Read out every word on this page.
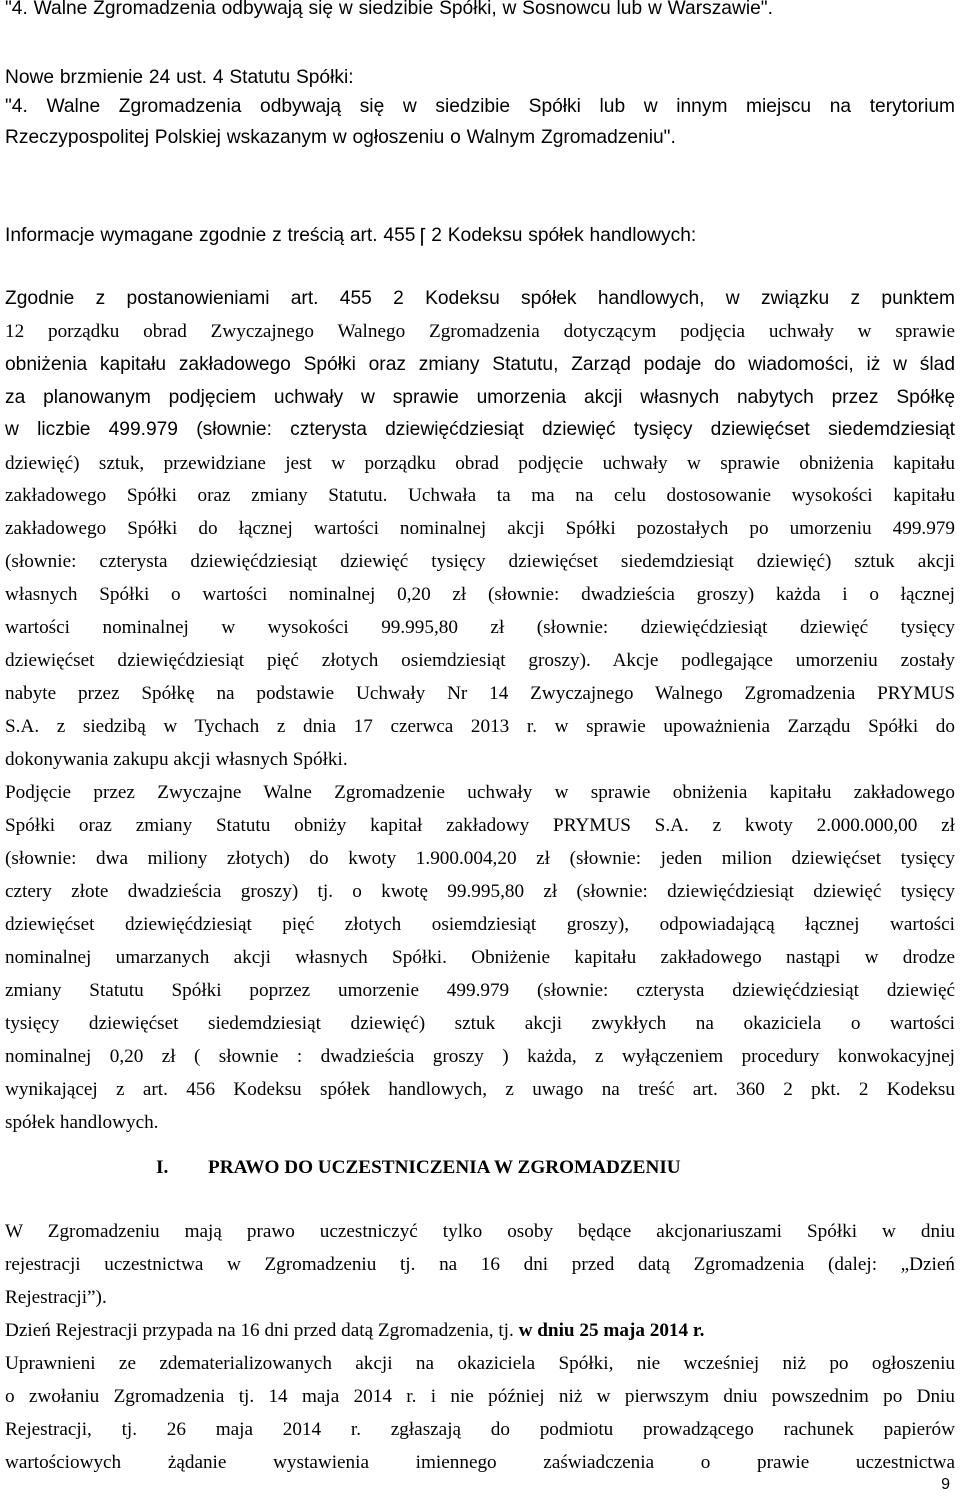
"4. Walne Zgromadzenia odbywają się w siedzibie Spółki, w Sosnowcu lub w Warszawie".
Nowe brzmienie 24 ust. 4 Statutu Spółki:
"4. Walne Zgromadzenia odbywają się w siedzibie Spółki lub w innym miejscu na terytorium
Rzeczypospolitej Polskiej wskazanym w ogłoszeniu o Walnym Zgromadzeniu".
Informacje wymagane zgodnie z treścią art. 455 ⌈ 2 Kodeksu spółek handlowych:
Zgodnie z postanowieniami art. 455 2 Kodeksu spółek handlowych, w związku z punktem
12 porządku obrad Zwyczajnego Walnego Zgromadzenia dotyczącym podjęcia uchwały w sprawie
obniżenia kapitału zakładowego Spółki oraz zmiany Statutu, Zarząd podaje do wiadomości, iż w ślad
za planowanym podjęciem uchwały w sprawie umorzenia akcji własnych nabytych przez Spółkę
w liczbie 499.979 (słownie: czterysta dziewięćdziesiąt dziewięć tysięcy dziewięćset siedemdziesiąt
dziewięć) sztuk, przewidziane jest w porządku obrad podjęcie uchwały w sprawie obniżenia kapitału
zakładowego Spółki oraz zmiany Statutu. Uchwała ta ma na celu dostosowanie wysokości kapitału
zakładowego Spółki do łącznej wartości nominalnej akcji Spółki pozostałych po umorzeniu 499.979
(słownie: czterysta dziewięćdziesiąt dziewięć tysięcy dziewięćset siedemdziesiąt dziewięć) sztuk akcji
własnych Spółki o wartości nominalnej 0,20 zł (słownie: dwadzieścia groszy) każda i o łącznej
wartości nominalnej w wysokości 99.995,80 zł (słownie: dziewięćdziesiąt dziewięć tysięcy
dziewięćset dziewięćdziesiąt pięć złotych osiemdziesiąt groszy). Akcje podlegające umorzeniu zostały
nabyte przez Spółkę na podstawie Uchwały Nr 14 Zwyczajnego Walnego Zgromadzenia PRYMUS
S.A. z siedzibą w Tychach z dnia 17 czerwca 2013 r. w sprawie upoważnienia Zarządu Spółki do
dokonywania zakupu akcji własnych Spółki.
Podjęcie przez Zwyczajne Walne Zgromadzenie uchwały w sprawie obniżenia kapitału zakładowego
Spółki oraz zmiany Statutu obniży kapitał zakładowy PRYMUS S.A. z kwoty 2.000.000,00 zł
(słownie: dwa miliony złotych) do kwoty 1.900.004,20 zł (słownie: jeden milion dziewięćset tysięcy
cztery złote dwadzieścia groszy) tj. o kwotę 99.995,80 zł (słownie: dziewięćdziesiąt dziewięć tysięcy
dziewięćset dziewięćdziesiąt pięć złotych osiemdziesiąt groszy), odpowiadającą łącznej wartości
nominalnej umarzanych akcji własnych Spółki. Obniżenie kapitału zakładowego nastąpi w drodze
zmiany Statutu Spółki poprzez umorzenie 499.979 (słownie: czterysta dziewięćdziesiąt dziewięć
tysięcy dziewięćset siedemdziesiąt dziewięć) sztuk akcji zwykłych na okaziciela o wartości
nominalnej 0,20 zł ( słownie : dwadzieścia groszy ) każda, z wyłączeniem procedury konwokacyjnej
wynikającej z art. 456 Kodeksu spółek handlowych, z uwago na treść art. 360 2 pkt. 2 Kodeksu
spółek handlowych.
I. PRAWO DO UCZESTNICZENIA W ZGROMADZENIU
W Zgromadzeniu mają prawo uczestniczyć tylko osoby będące akcjonariuszami Spółki w dniu
rejestracji uczestnictwa w Zgromadzeniu tj. na 16 dni przed datą Zgromadzenia (dalej: „Dzień
Rejestracji”).
Dzień Rejestracji przypada na 16 dni przed datą Zgromadzenia, tj. w dniu 25 maja 2014 r.
Uprawnieni ze zdematerializowanych akcji na okaziciela Spółki, nie wcześniej niż po ogłoszeniu
o zwołaniu Zgromadzenia tj. 14 maja 2014 r. i nie później niż w pierwszym dniu powszednim po Dniu
Rejestracji, tj. 26 maja 2014 r. zgłaszają do podmiotu prowadzącego rachunek papierów
wartościowych żądanie wystawienia imiennego zaświadczenia o prawie uczestnictwa
9
